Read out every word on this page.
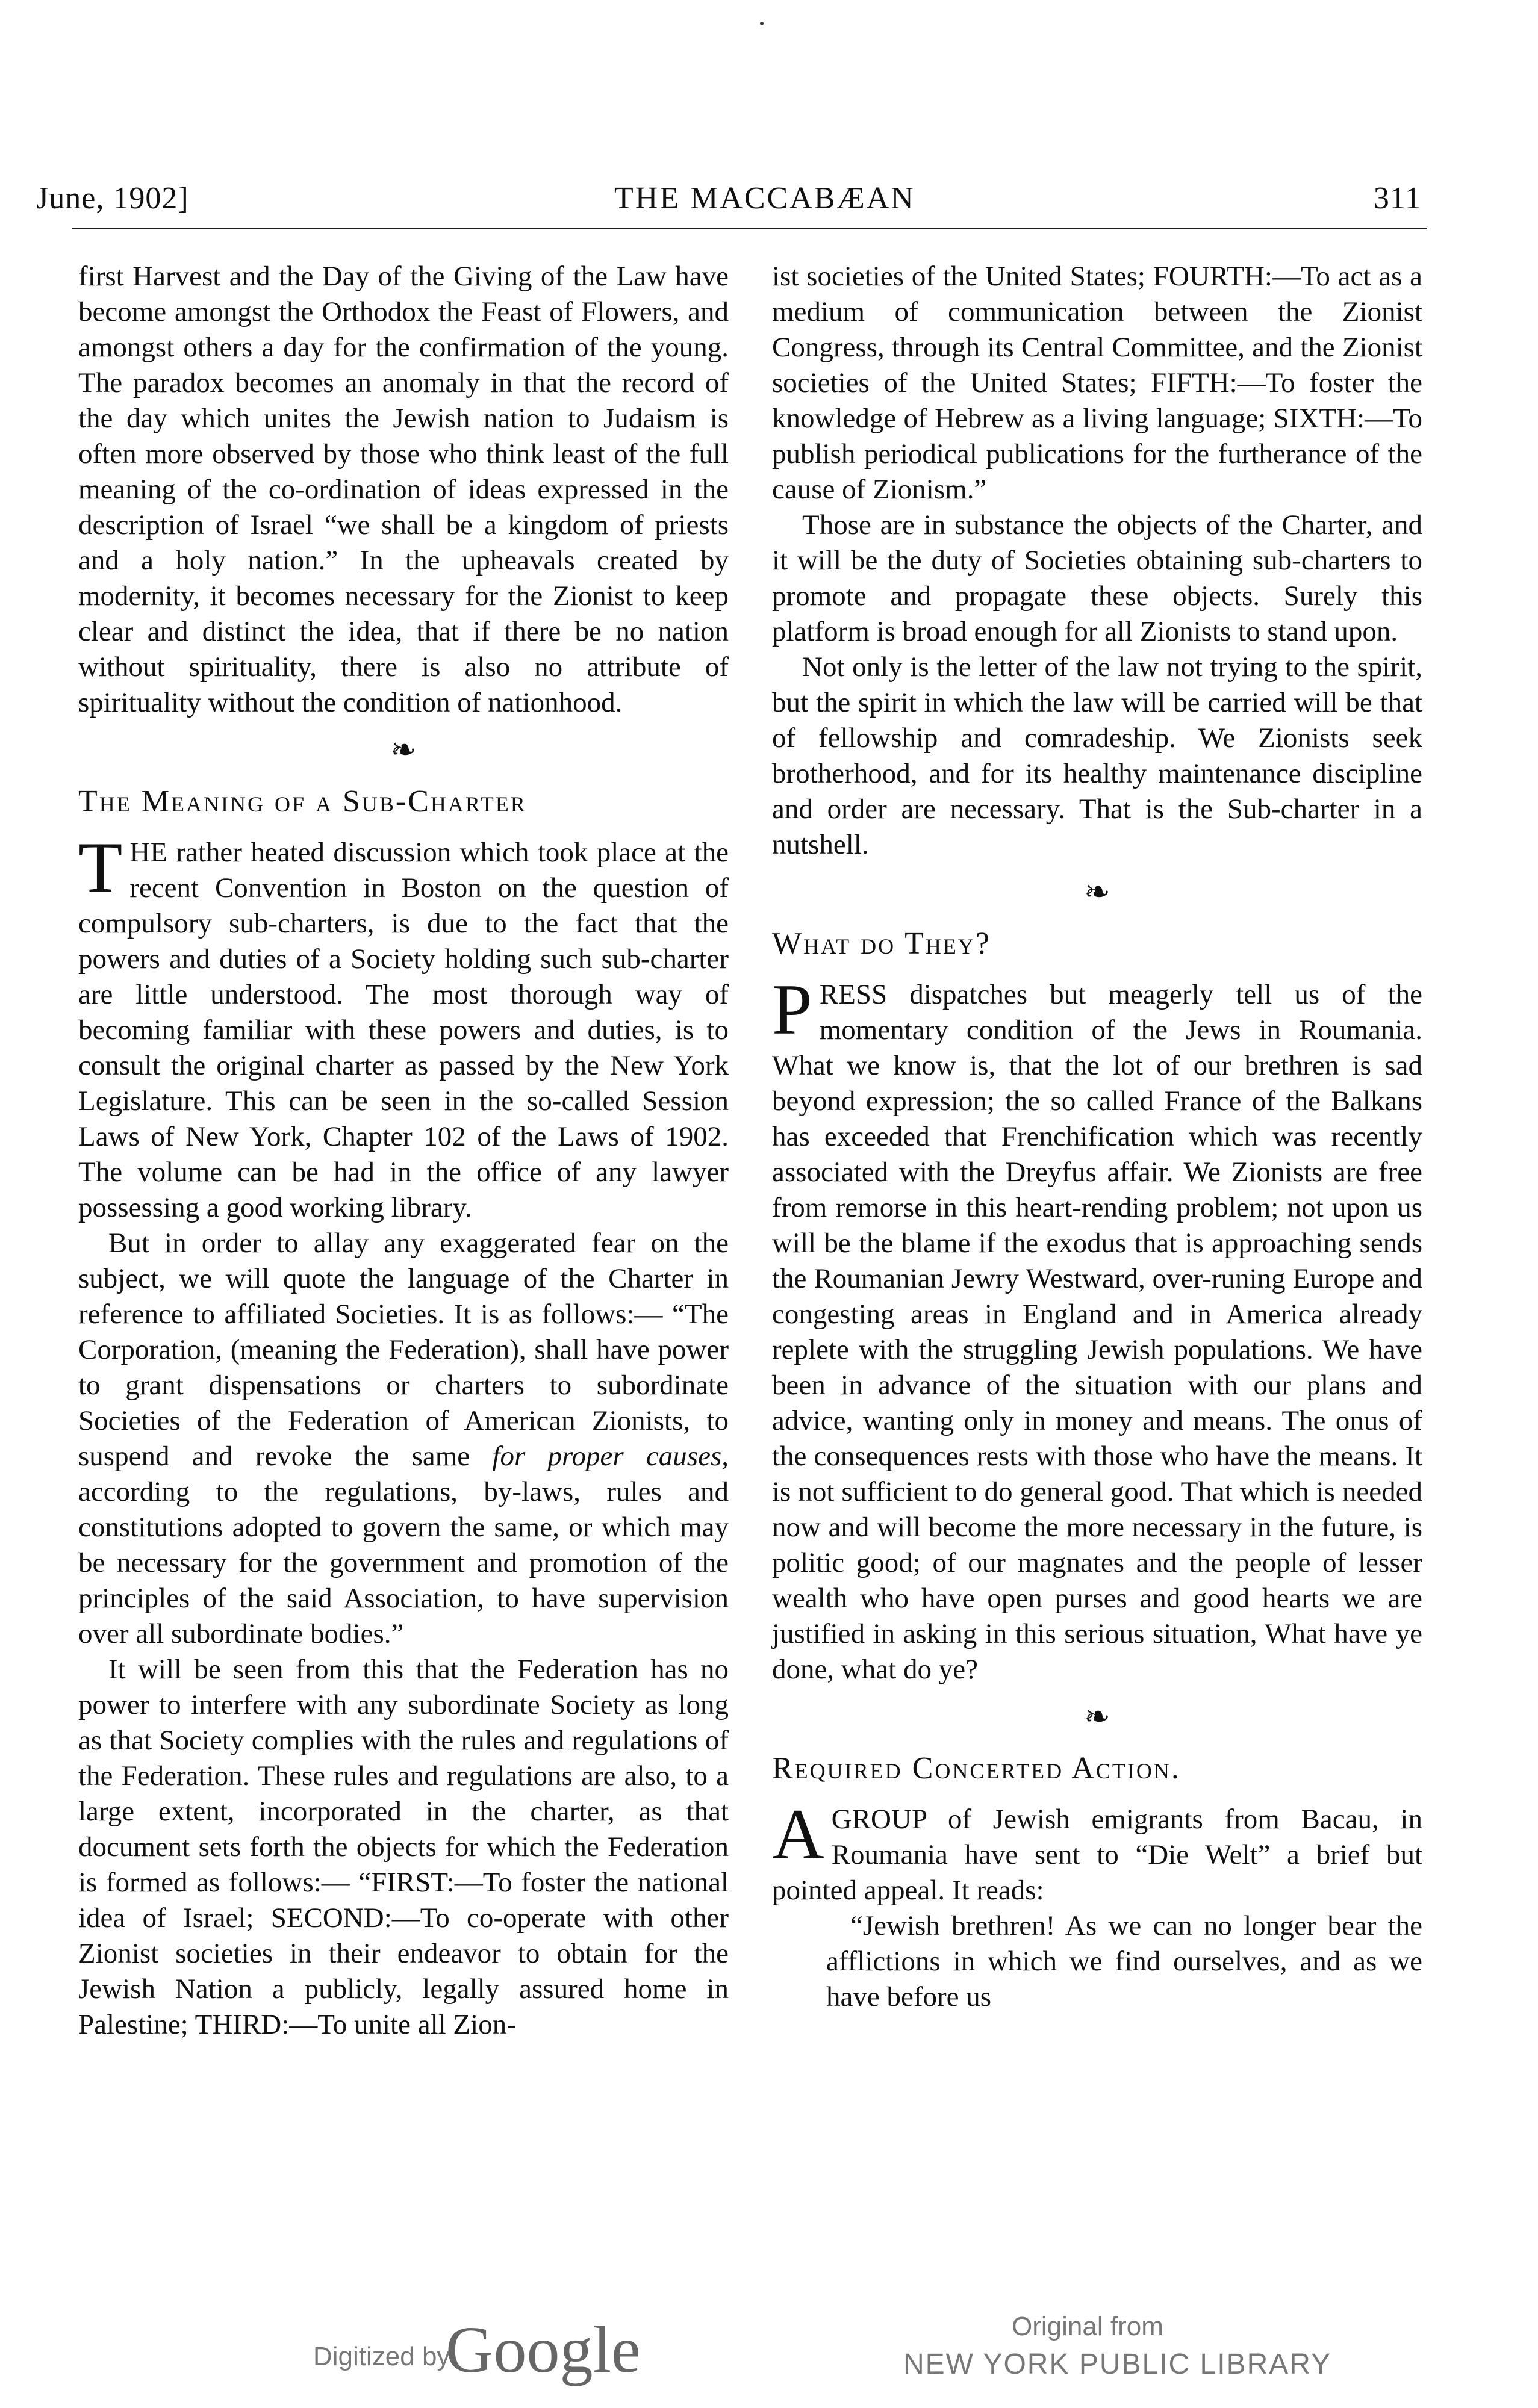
June, 1902]	THE MACCABÆAN	311

first Harvest and the Day of the Giving of the Law have become amongst the Orthodox the Feast of Flowers, and amongst others a day for the confirmation of the young. The paradox becomes an anomaly in that the record of the day which unites the Jewish nation to Judaism is often more observed by those who think least of the full meaning of the co-ordination of ideas expressed in the description of Israel “we shall be a kingdom of priests and a holy nation.” In the upheavals created by modernity, it becomes necessary for the Zionist to keep clear and distinct the idea, that if there be no nation without spirituality, there is also no attribute of spirituality without the condition of nationhood.

❧
The Meaning of a Sub-Charter

THE rather heated discussion which took place at the recent Convention in Boston on the question of compulsory sub-charters, is due to the fact that the powers and duties of a Society holding such sub-charter are little understood. The most thorough way of becoming familiar with these powers and duties, is to consult the original charter as passed by the New York Legislature. This can be seen in the so-called Session Laws of New York, Chapter 102 of the Laws of 1902. The volume can be had in the office of any lawyer possessing a good working library.

But in order to allay any exaggerated fear on the subject, we will quote the language of the Charter in reference to affiliated Societies. It is as follows:— “The Corporation, (meaning the Federation), shall have power to grant dispensations or charters to subordinate Societies of the Federation of American Zionists, to suspend and revoke the same for proper causes, according to the regulations, by-laws, rules and constitutions adopted to govern the same, or which may be necessary for the government and promotion of the principles of the said Association, to have supervision over all subordinate bodies.”

It will be seen from this that the Federation has no power to interfere with any subordinate Society as long as that Society complies with the rules and regulations of the Federation. These rules and regulations are also, to a large extent, incorporated in the charter, as that document sets forth the objects for which the Federation is formed as follows:— “FIRST:—To foster the national idea of Israel; SECOND:—To co-operate with other Zionist societies in their endeavor to obtain for the Jewish Nation a publicly, legally assured home in Palestine; THIRD:—To unite all Zion-

ist societies of the United States; FOURTH:—To act as a medium of communication between the Zionist Congress, through its Central Committee, and the Zionist societies of the United States; FIFTH:—To foster the knowledge of Hebrew as a living language; SIXTH:—To publish periodical publications for the furtherance of the cause of Zionism.”

Those are in substance the objects of the Charter, and it will be the duty of Societies obtaining sub-charters to promote and propagate these objects. Surely this platform is broad enough for all Zionists to stand upon.

Not only is the letter of the law not trying to the spirit, but the spirit in which the law will be carried will be that of fellowship and comradeship. We Zionists seek brotherhood, and for its healthy maintenance discipline and order are necessary. That is the Sub-charter in a nutshell.

❧
What do They?

PRESS dispatches but meagerly tell us of the momentary condition of the Jews in Roumania. What we know is, that the lot of our brethren is sad beyond expression; the so called France of the Balkans has exceeded that Frenchification which was recently associated with the Dreyfus affair. We Zionists are free from remorse in this heart-rending problem; not upon us will be the blame if the exodus that is approaching sends the Roumanian Jewry Westward, over-runing Europe and congesting areas in England and in America already replete with the struggling Jewish populations. We have been in advance of the situation with our plans and advice, wanting only in money and means. The onus of the consequences rests with those who have the means. It is not sufficient to do general good. That which is needed now and will become the more necessary in the future, is politic good; of our magnates and the people of lesser wealth who have open purses and good hearts we are justified in asking in this serious situation, What have ye done, what do ye?

❧
Required Concerted Action.

AGROUP of Jewish emigrants from Bacau, in Roumania have sent to “Die Welt” a brief but pointed appeal. It reads:

“Jewish brethren! As we can no longer bear the afflictions in which we find ourselves, and as we have before us

Digitized by
Google	Original from
NEW YORK PUBLIC LIBRARY
